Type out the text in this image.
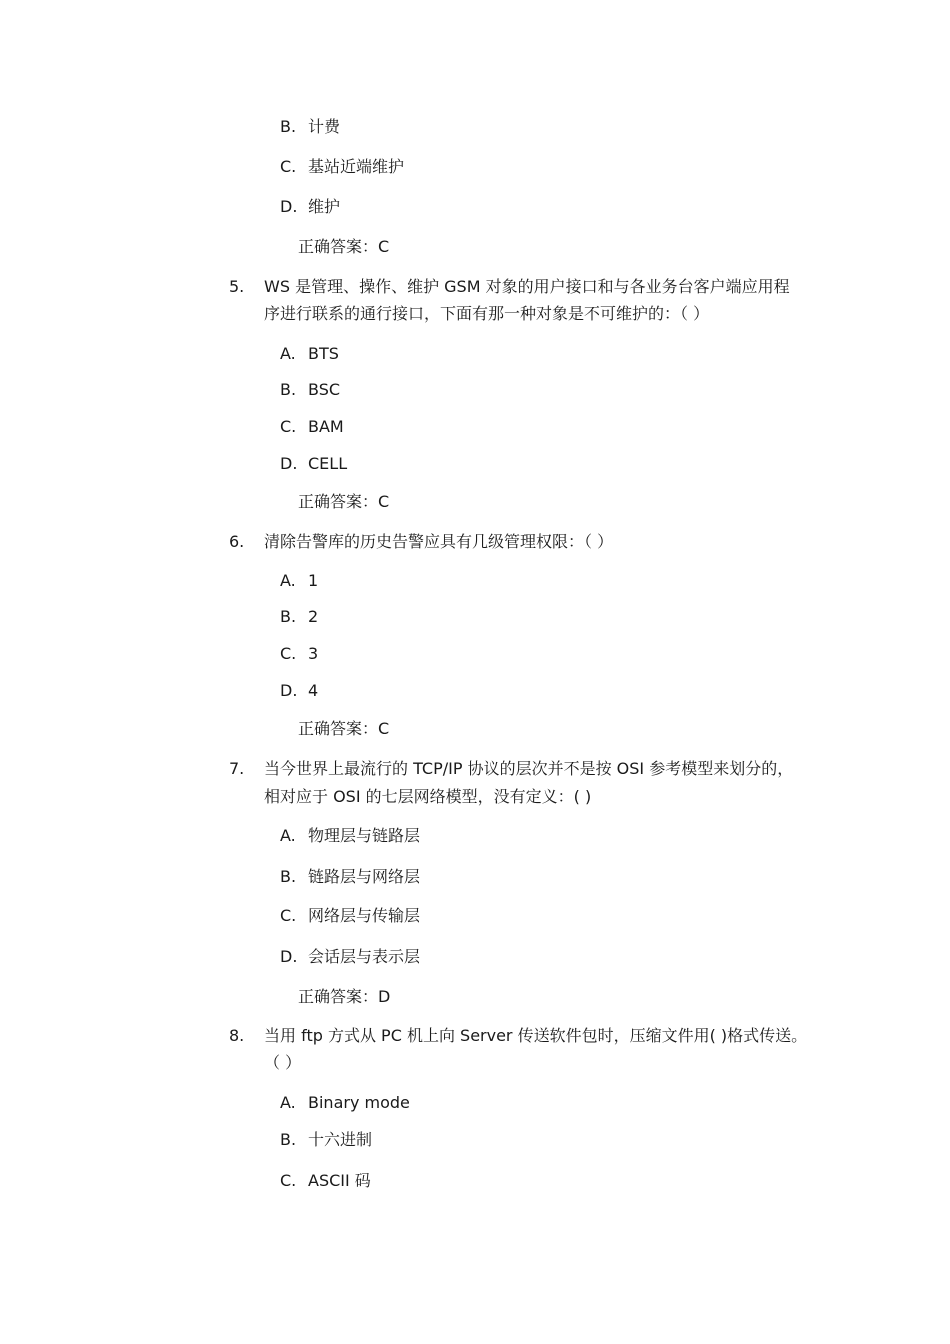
B. 计费
C. 基站近端维护
D. 维护
正确答案：C
5.	WS 是管理、操作、维护 GSM 对象的用户接口和与各业务台客户端应用程
序进行联系的通行接口，下面有那一种对象是不可维护的：（ ）
A. BTS
B. BSC
C. BAM
D. CELL
正确答案：C
6.	清除告警库的历史告警应具有几级管理权限：（ ）
A. 1
B. 2
C. 3
D. 4
正确答案：C
7.	当今世界上最流行的 TCP/IP 协议的层次并不是按 OSI 参考模型来划分的，
相对应于 OSI 的七层网络模型，没有定义：( )
A. 物理层与链路层
B. 链路层与网络层
C. 网络层与传输层
D. 会话层与表示层
正确答案：D
8.	当用 ftp 方式从 PC 机上向 Server 传送软件包时，压缩文件用( )格式传送。
（ ）
A. Binary mode
B. 十六进制
C. ASCII 码
